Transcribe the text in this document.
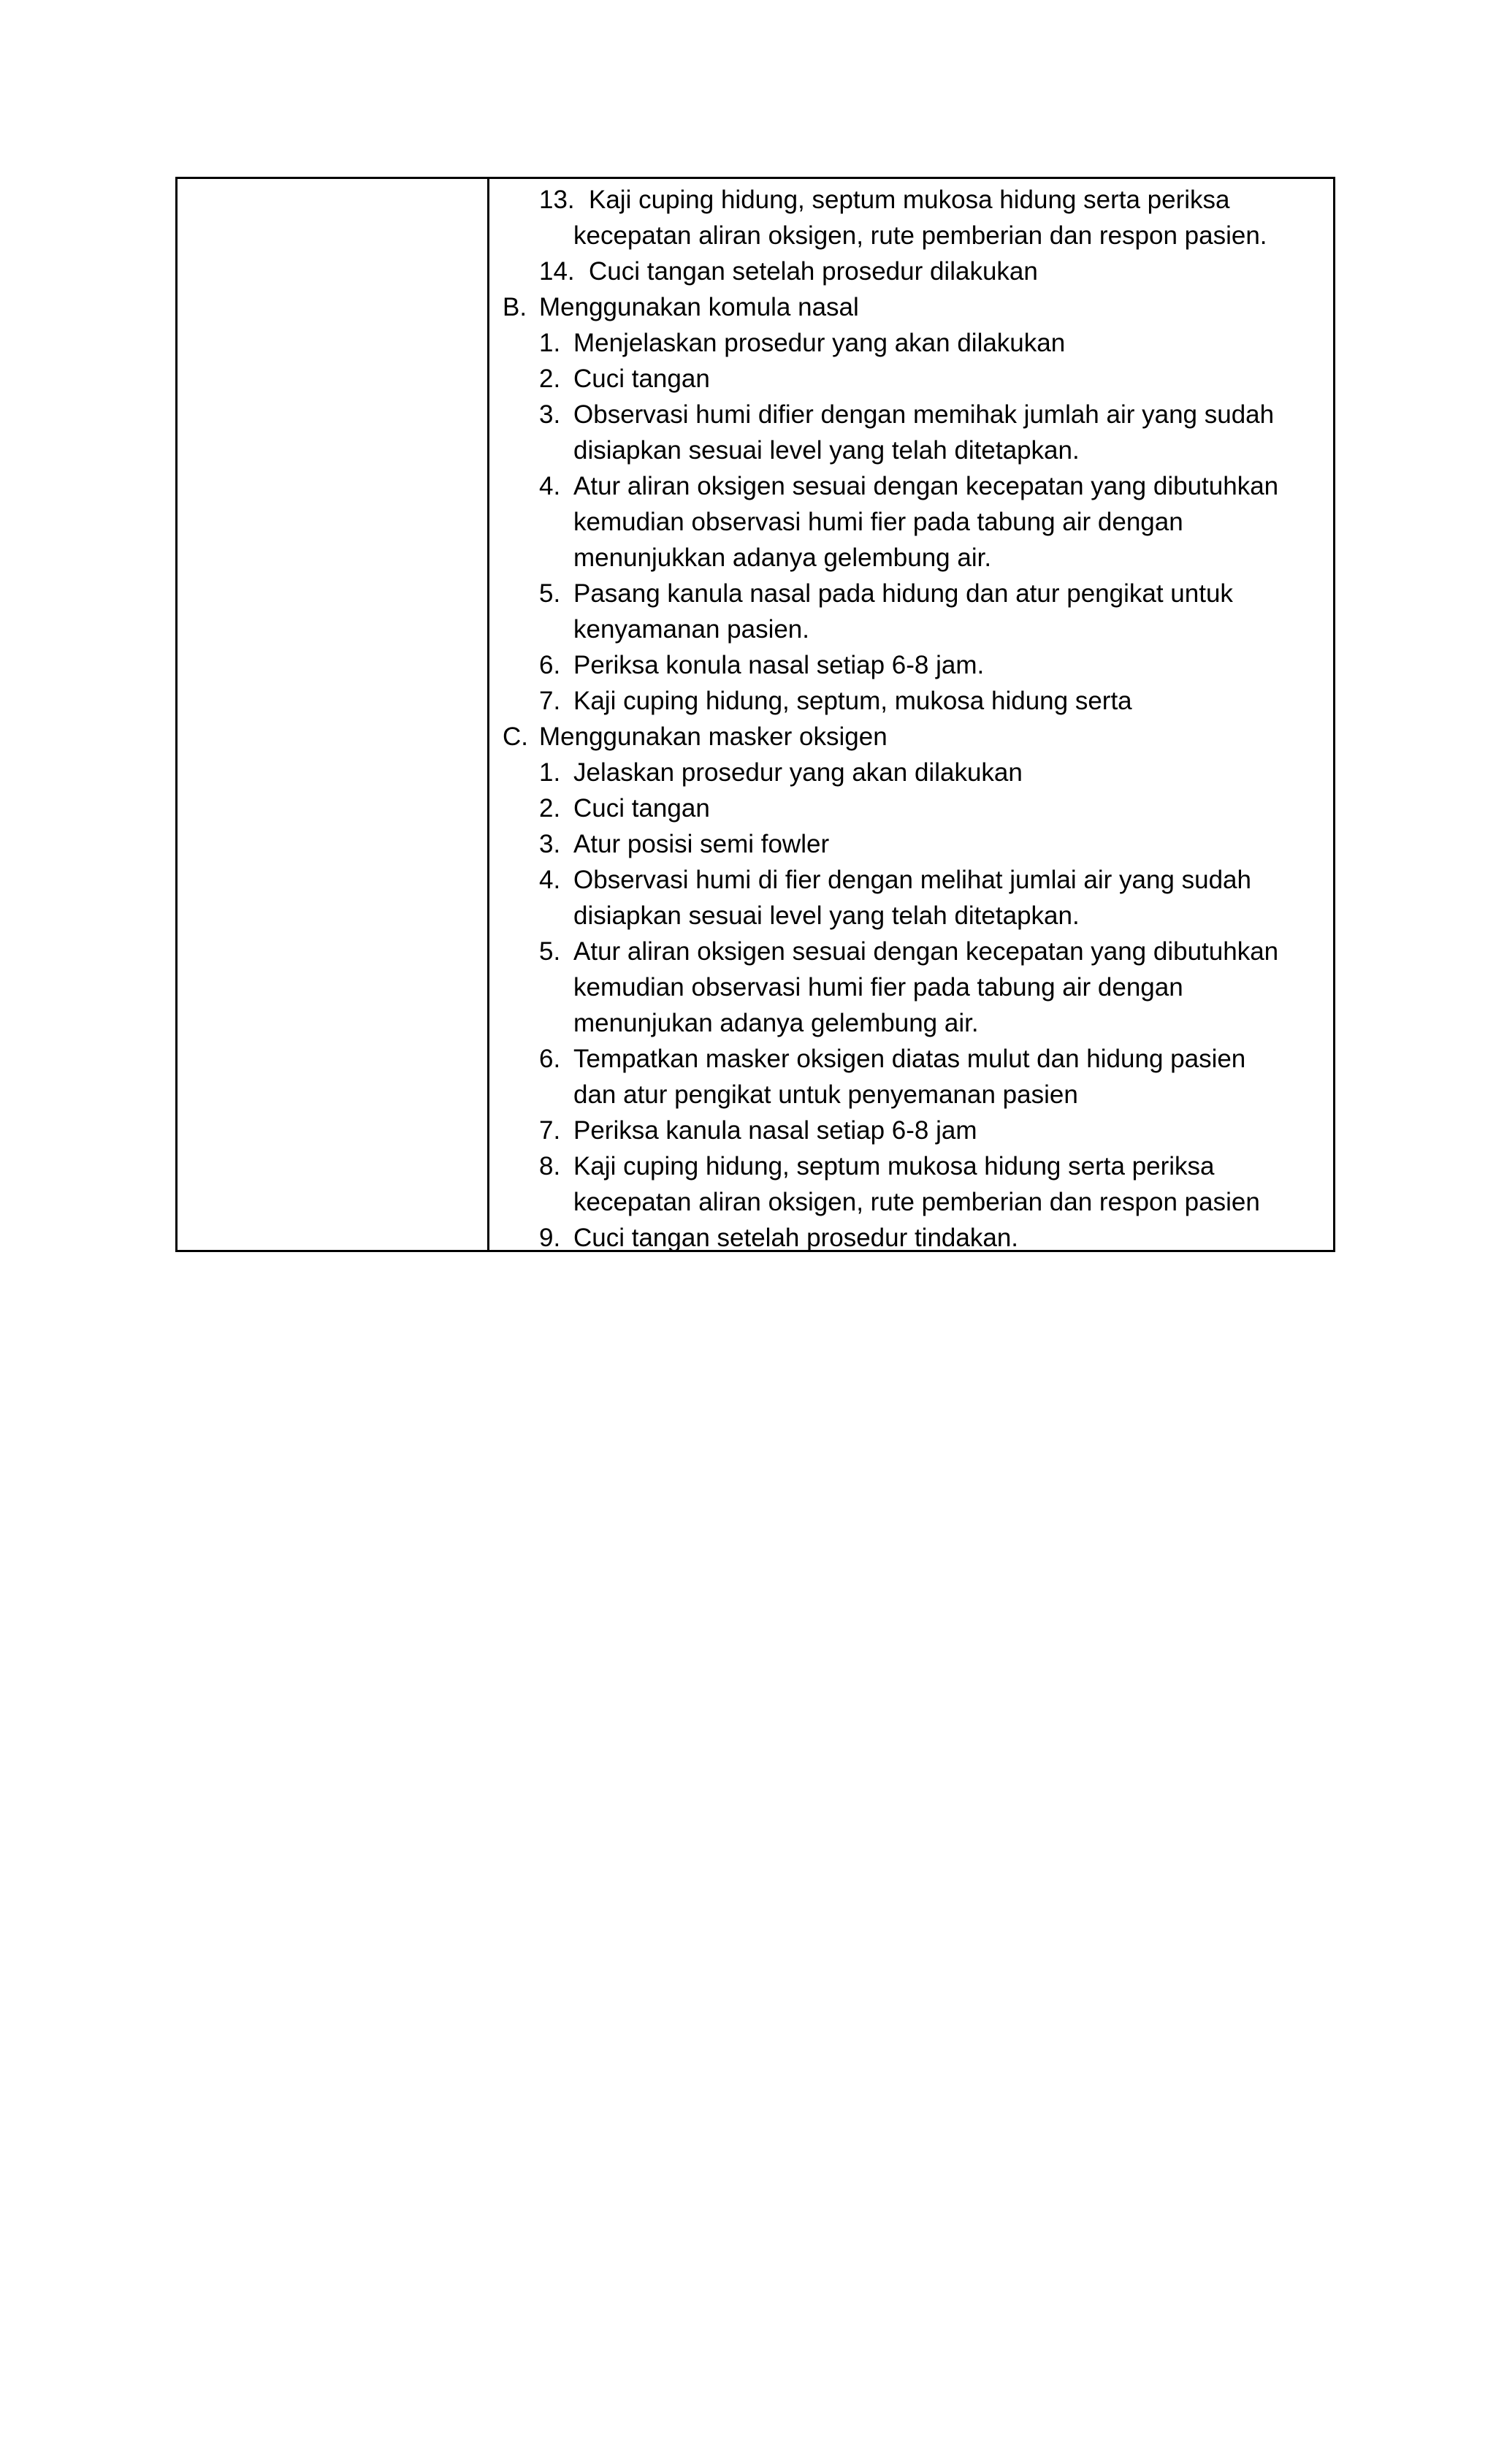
13. Kaji cuping hidung, septum mukosa hidung serta periksa
kecepatan aliran oksigen, rute pemberian dan respon pasien.
14. Cuci tangan setelah prosedur dilakukan
B. Menggunakan komula nasal
1. Menjelaskan prosedur yang akan dilakukan
2. Cuci tangan
3. Observasi humi difier dengan memihak jumlah air yang sudah
disiapkan sesuai level yang telah ditetapkan.
4. Atur aliran oksigen sesuai dengan kecepatan yang dibutuhkan
kemudian observasi humi fier pada tabung air dengan
menunjukkan adanya gelembung air.
5. Pasang kanula nasal pada hidung dan atur pengikat untuk
kenyamanan pasien.
6. Periksa konula nasal setiap 6-8 jam.
7. Kaji cuping hidung, septum, mukosa hidung serta
C. Menggunakan masker oksigen
1. Jelaskan prosedur yang akan dilakukan
2. Cuci tangan
3. Atur posisi semi fowler
4. Observasi humi di fier dengan melihat jumlai air yang sudah
disiapkan sesuai level yang telah ditetapkan.
5. Atur aliran oksigen sesuai dengan kecepatan yang dibutuhkan
kemudian observasi humi fier pada tabung air dengan
menunjukan adanya gelembung air.
6. Tempatkan masker oksigen diatas mulut dan hidung pasien
dan atur pengikat untuk penyemanan pasien
7. Periksa kanula nasal setiap 6-8 jam
8. Kaji cuping hidung, septum mukosa hidung serta periksa
kecepatan aliran oksigen, rute pemberian dan respon pasien
9. Cuci tangan setelah prosedur tindakan.
